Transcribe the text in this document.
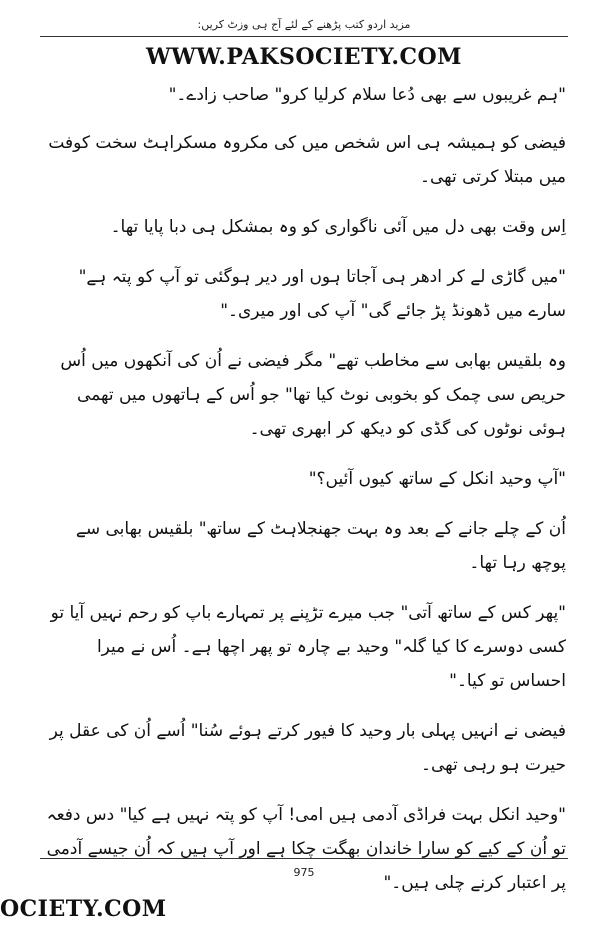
مزید اردو کتب پڑھنے کے لئے آج ہی وزٹ کریں:
WWW.PAKSOCIETY.COM

"ہم غریبوں سے بھی دُعا سلام کرلیا کرو" صاحب زادے۔"

فیضی کو ہمیشہ ہی اس شخص میں کی مکروہ مسکراہٹ سخت کوفت میں مبتلا کرتی تھی۔

اِس وقت بھی دل میں آئی ناگواری کو وہ بمشکل ہی دبا پایا تھا۔

"میں گاڑی لے کر ادھر ہی آجاتا ہوں اور دیر ہوگئی تو آپ کو پتہ ہے" سارے میں ڈھونڈ پڑ جائے گی" آپ کی اور میری۔"

وہ بلقیس بھابی سے مخاطب تھے" مگر فیضی نے اُن کی آنکھوں میں اُس حریص سی چمک کو بخوبی نوٹ کیا تھا" جو اُس کے ہاتھوں میں تھمی ہوئی نوٹوں کی گڈی کو دیکھ کر ابھری تھی۔

"آپ وحید انکل کے ساتھ کیوں آئیں؟"

اُن کے چلے جانے کے بعد وہ بہت جھنجلاہٹ کے ساتھ" بلقیس بھابی سے پوچھ رہا تھا۔

"پھر کس کے ساتھ آتی" جب میرے تڑپنے پر تمہارے باپ کو رحم نہیں آیا تو کسی دوسرے کا کیا گلہ" وحید بے چارہ تو پھر اچھا ہے۔ اُس نے میرا احساس تو کیا۔"

فیضی نے انہیں پہلی بار وحید کا فیور کرتے ہوئے سُنا" اُسے اُن کی عقل پر حیرت ہو رہی تھی۔

"وحید انکل بہت فراڈی آدمی ہیں امی! آپ کو پتہ نہیں ہے کیا" دس دفعہ تو اُن کے کیے کو سارا خاندان بھگت چکا ہے اور آپ ہیں کہ اُن جیسے آدمی پر اعتبار کرنے چلی ہیں۔"

975
OCIETY.COM
